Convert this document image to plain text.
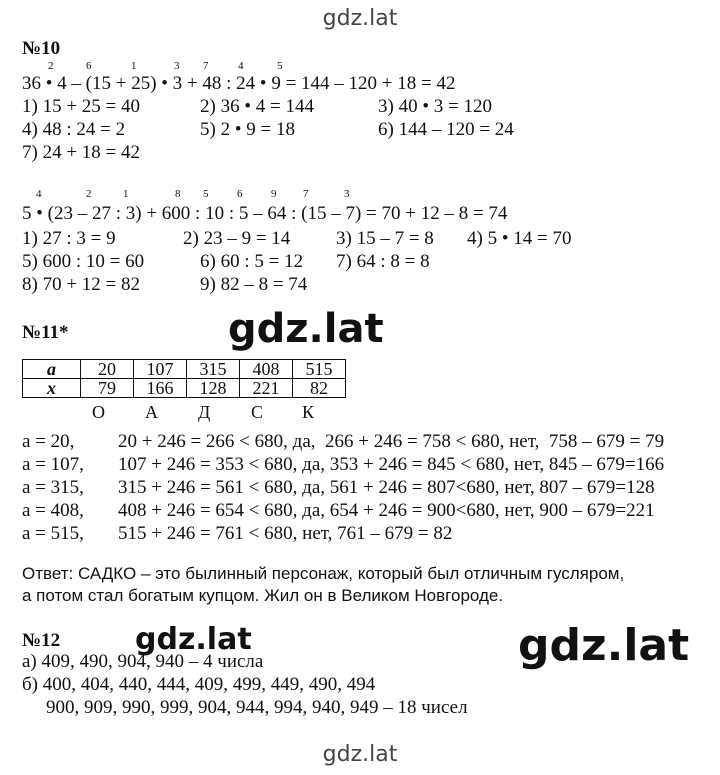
gdz.lat
gdz.lat
gdz.lat	gdz.lat
gdz.lat
№10
2	6	1	3 7	4	5
36 • 4 – (15 + 25) • 3 + 48 : 24 • 9 = 144 – 120 + 18 = 42
1) 15 + 25 = 40	2) 36 • 4 = 144	3) 40 • 3 = 120
4) 48 : 24 = 2	5) 2 • 9 = 18	6) 144 – 120 = 24
7) 24 + 18 = 42
4	2	1	8 5	6	9 7	3
5 • (23 – 27 : 3) + 600 : 10 : 5 – 64 : (15 – 7) = 70 + 12 – 8 = 74
1) 27 : 3 = 9	2) 23 – 9 = 14 3) 15 – 7 = 8 4) 5 • 14 = 70
5) 600 : 10 = 60	6) 60 : 5 = 12 7) 64 : 8 = 8
8) 70 + 12 = 82	9) 82 – 8 = 74
№11*
a	20	107	315	408	515
x	79	166	128	221	82
О А Д С К
а = 20, 20 + 246 = 266 < 680, да,  266 + 246 = 758 < 680, нет,  758 – 679 = 79
а = 107, 107 + 246 = 353 < 680, да, 353 + 246 = 845 < 680, нет, 845 – 679=166
а = 315, 315 + 246 = 561 < 680, да, 561 + 246 = 807<680, нет, 807 – 679=128
а = 408, 408 + 246 = 654 < 680, да, 654 + 246 = 900<680, нет, 900 – 679=221
а = 515, 515 + 246 = 761 < 680, нет, 761 – 679 = 82
Ответ: САДКО – это былинный персонаж, который был отличным гусляром,
а потом стал богатым купцом. Жил он в Великом Новгороде.
№12
а) 409, 490, 904, 940 – 4 числа
б) 400, 404, 440, 444, 409, 499, 449, 490, 494
900, 909, 990, 999, 904, 944, 994, 940, 949 – 18 чисел
